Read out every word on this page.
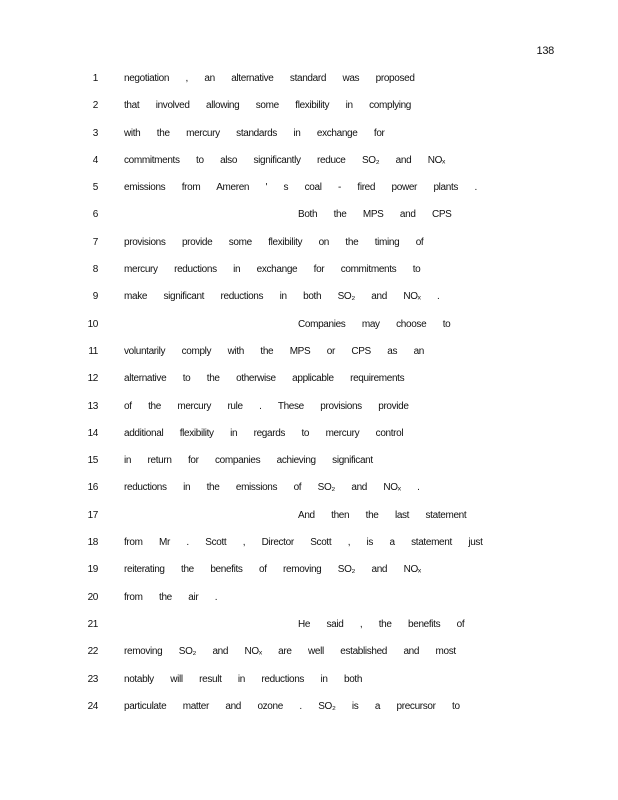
138
1	negotiation , an alternative standard was proposed
2	that involved allowing some flexibility in complying
3	with the mercury standards in exchange for
4	commitments to also significantly reduce SO₂ and NOₓ
5	emissions from Ameren ' s coal - fired power plants .
6	Both the MPS and CPS
7	provisions provide some flexibility on the timing of
8	mercury reductions in exchange for commitments to
9	make significant reductions in both SO₂ and NOₓ .
10	Companies may choose to
11	voluntarily comply with the MPS or CPS as an
12	alternative to the otherwise applicable requirements
13	of the mercury rule . These provisions provide
14	additional flexibility in regards to mercury control
15	in return for companies achieving significant
16	reductions in the emissions of SO₂ and NOₓ .
17	And then the last statement
18	from Mr . Scott , Director Scott , is a statement just
19	reiterating the benefits of removing SO₂ and NOₓ
20	from the air .
21	He said , the benefits of
22	removing SO₂ and NOₓ are well established and most
23	notably will result in reductions in both
24	particulate matter and ozone . SO₂ is a precursor to
